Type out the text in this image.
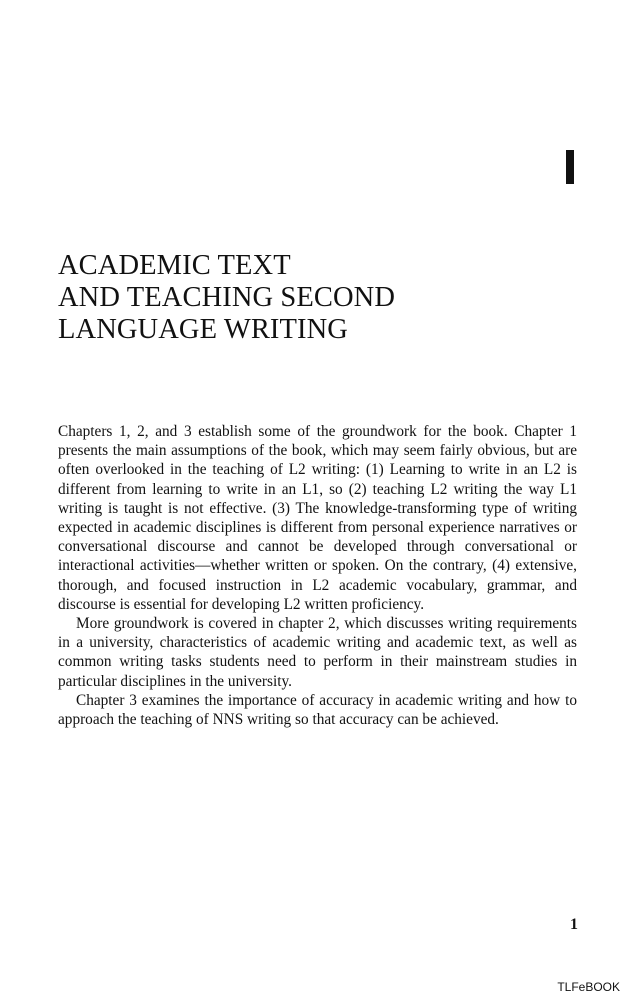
ACADEMIC TEXT
AND TEACHING SECOND
LANGUAGE WRITING

Chapters 1, 2, and 3 establish some of the groundwork for the book. Chapter 1 presents the main assumptions of the book, which may seem fairly obvious, but are often overlooked in the teaching of L2 writing: (1) Learning to write in an L2 is different from learning to write in an L1, so (2) teaching L2 writing the way L1 writing is taught is not effective. (3) The knowledge-transforming type of writing expected in academic disciplines is different from personal experience narratives or conversational discourse and cannot be developed through conversational or interactional activities—whether written or spoken. On the contrary, (4) extensive, thorough, and focused instruction in L2 academic vocabulary, grammar, and discourse is essential for developing L2 written proficiency.

More groundwork is covered in chapter 2, which discusses writing requirements in a university, characteristics of academic writing and academic text, as well as common writing tasks students need to perform in their mainstream studies in particular disciplines in the university.

Chapter 3 examines the importance of accuracy in academic writing and how to approach the teaching of NNS writing so that accuracy can be achieved.

1
TLFeBOOK
